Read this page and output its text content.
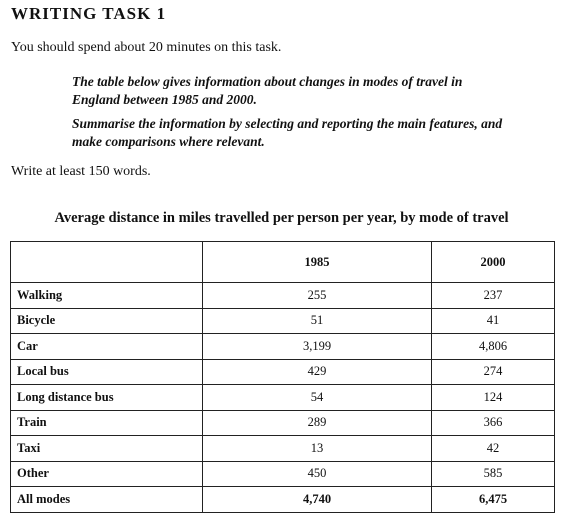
WRITING TASK 1

You should spend about 20 minutes on this task.

The table below gives information about changes in modes of travel in England between 1985 and 2000.

Summarise the information by selecting and reporting the main features, and make comparisons where relevant.

Write at least 150 words.

Average distance in miles travelled per person per year, by mode of travel
	1985	2000
Walking	255	237
Bicycle	51	41
Car	3,199	4,806
Local bus	429	274
Long distance bus	54	124
Train	289	366
Taxi	13	42
Other	450	585
All modes	4,740	6,475
